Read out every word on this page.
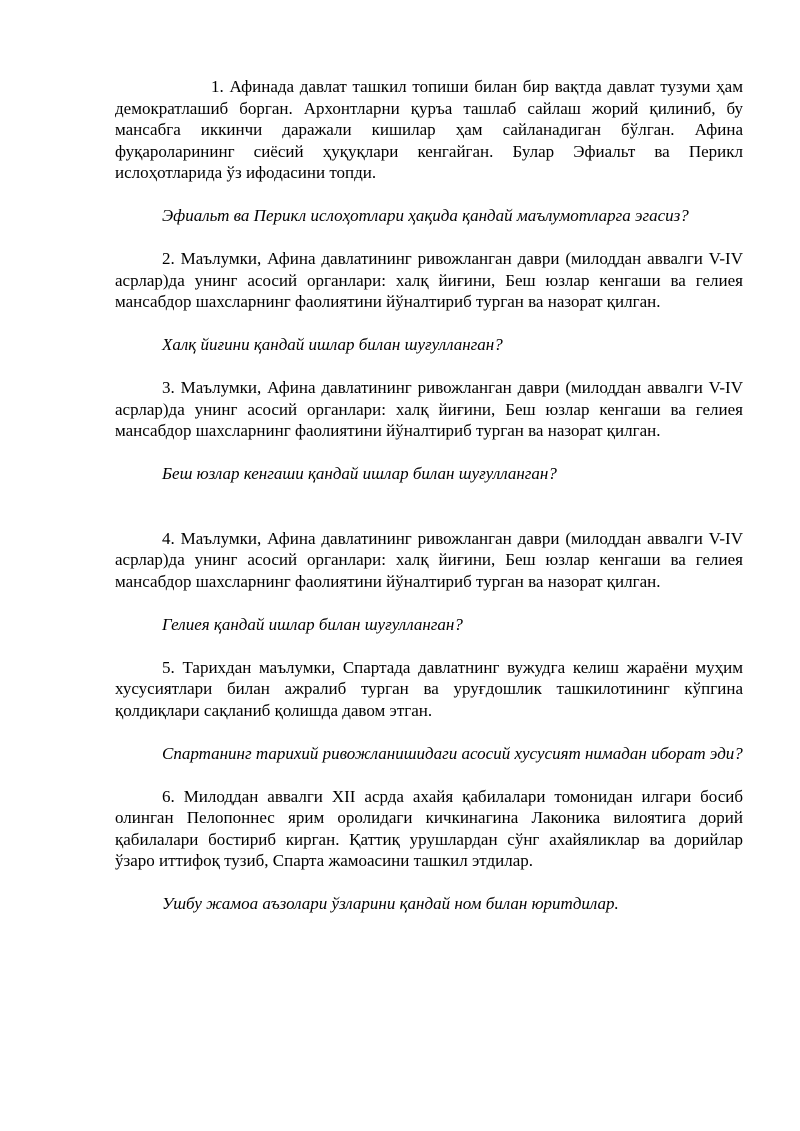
1. Афинада давлат ташкил топиши билан бир вақтда давлат тузуми ҳам демократлашиб борган. Архонтларни қуръа ташлаб сайлаш жорий қилиниб, бу мансабга иккинчи даражали кишилар ҳам сайланадиган бўлган. Афина фуқароларининг сиёсий ҳуқуқлари кенгайган. Булар Эфиальт ва Перикл ислоҳотларида ўз ифодасини топди.

Эфиальт ва Перикл ислоҳотлари ҳақида қандай маълумотларга эгасиз?

2. Маълумки, Афина давлатининг ривожланган даври (милоддан аввалги V-IV асрлар)да унинг асосий органлари: халқ йиғини, Беш юзлар кенгаши ва гелиея мансабдор шахсларнинг фаолиятини йўналтириб турган ва назорат қилган.

Халқ йиғини қандай ишлар билан шуғулланган?

3. Маълумки, Афина давлатининг ривожланган даври (милоддан аввалги V-IV асрлар)да унинг асосий органлари: халқ йиғини, Беш юзлар кенгаши ва гелиея мансабдор шахсларнинг фаолиятини йўналтириб турган ва назорат қилган.

Беш юзлар кенгаши қандай ишлар билан шуғулланган?

4. Маълумки, Афина давлатининг ривожланган даври (милоддан аввалги V-IV асрлар)да унинг асосий органлари: халқ йиғини, Беш юзлар кенгаши ва гелиея мансабдор шахсларнинг фаолиятини йўналтириб турган ва назорат қилган.

Гелиея қандай ишлар билан шуғулланган?

5. Тарихдан маълумки, Спартада давлатнинг вужудга келиш жараёни муҳим хусусиятлари билан ажралиб турган ва уруғдошлик ташкилотининг кўпгина қолдиқлари сақланиб қолишда давом этган.

Спартанинг тарихий ривожланишидаги асосий хусусият нимадан иборат эди?

6. Милоддан аввалги XII асрда ахайя қабилалари томонидан илгари босиб олинган Пелопоннес ярим оролидаги кичкинагина Лаконика вилоятига дорий қабилалари бостириб кирган. Қаттиқ урушлардан сўнг ахайяликлар ва дорийлар ўзаро иттифоқ тузиб, Спарта жамоасини ташкил этдилар.

Ушбу жамоа аъзолари ўзларини қандай ном билан юритдилар.
